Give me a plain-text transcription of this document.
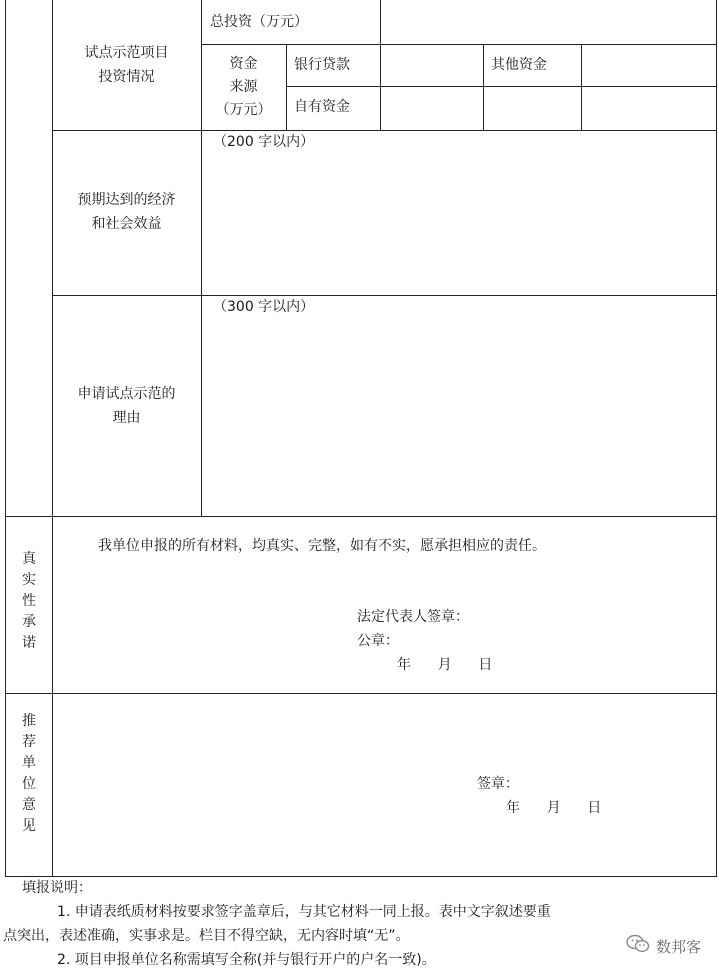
试点示范项目
投资情况
总投资（万元）
资金
来源
（万元）
银行贷款	其他资金
自有资金
预期达到的经济
和社会效益
（200 字以内）
申请试点示范的
理由
（300 字以内）
真实性承诺
我单位申报的所有材料，均真实、完整，如有不实，愿承担相应的责任。
法定代表人签章：
公章：
年      月      日
推荐单位意见
签章：
年      月      日
填报说明：
1. 申请表纸质材料按要求签字盖章后，与其它材料一同上报。表中文字叙述要重
点突出，表述准确，实事求是。栏目不得空缺，无内容时填“无”。
2. 项目申报单位名称需填写全称(并与银行开户的户名一致)。
数邦客
